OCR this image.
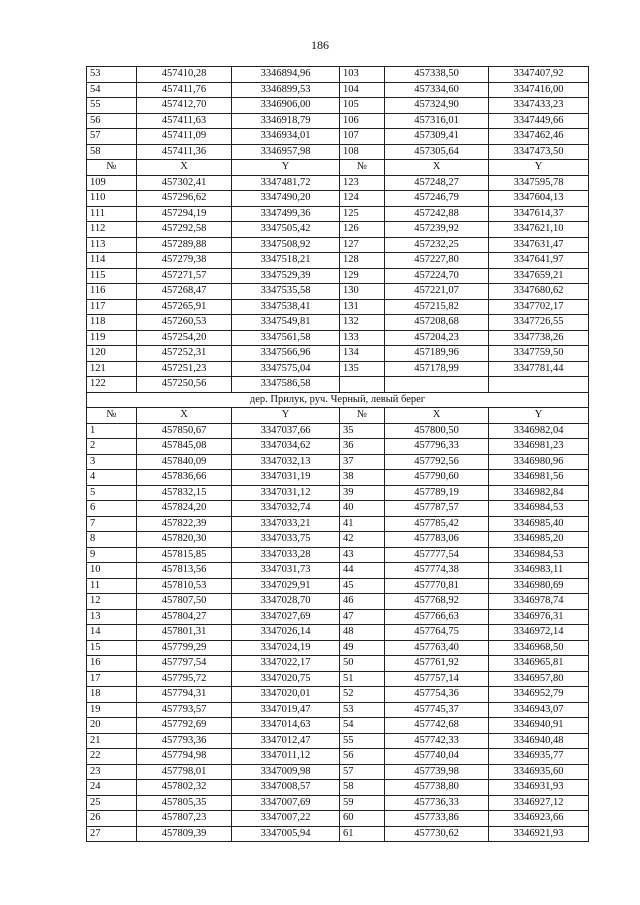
186
53	457410,28	3346894,96	103	457338,50	3347407,92
54	457411,76	3346899,53	104	457334,60	3347416,00
55	457412,70	3346906,00	105	457324,90	3347433,23
56	457411,63	3346918,79	106	457316,01	3347449,66
57	457411,09	3346934,01	107	457309,41	3347462,46
58	457411,36	3346957,98	108	457305,64	3347473,50
№	X	Y	№	X	Y
109	457302,41	3347481,72	123	457248,27	3347595,78
110	457296,62	3347490,20	124	457246,79	3347604,13
111	457294,19	3347499,36	125	457242,88	3347614,37
112	457292,58	3347505,42	126	457239,92	3347621,10
113	457289,88	3347508,92	127	457232,25	3347631,47
114	457279,38	3347518,21	128	457227,80	3347641,97
115	457271,57	3347529,39	129	457224,70	3347659,21
116	457268,47	3347535,58	130	457221,07	3347680,62
117	457265,91	3347538,41	131	457215,82	3347702,17
118	457260,53	3347549,81	132	457208,68	3347726,55
119	457254,20	3347561,58	133	457204,23	3347738,26
120	457252,31	3347566,96	134	457189,96	3347759,50
121	457251,23	3347575,04	135	457178,99	3347781,44
122	457250,56	3347586,58			
дер. Прилук, руч. Черный, левый берег					
№	X	Y	№	X	Y
1	457850,67	3347037,66	35	457800,50	3346982,04
2	457845,08	3347034,62	36	457796,33	3346981,23
3	457840,09	3347032,13	37	457792,56	3346980,96
4	457836,66	3347031,19	38	457790,60	3346981,56
5	457832,15	3347031,12	39	457789,19	3346982,84
6	457824,20	3347032,74	40	457787,57	3346984,53
7	457822,39	3347033,21	41	457785,42	3346985,40
8	457820,30	3347033,75	42	457783,06	3346985,20
9	457815,85	3347033,28	43	457777,54	3346984,53
10	457813,56	3347031,73	44	457774,38	3346983,11
11	457810,53	3347029,91	45	457770,81	3346980,69
12	457807,50	3347028,70	46	457768,92	3346978,74
13	457804,27	3347027,69	47	457766,63	3346976,31
14	457801,31	3347026,14	48	457764,75	3346972,14
15	457799,29	3347024,19	49	457763,40	3346968,50
16	457797,54	3347022,17	50	457761,92	3346965,81
17	457795,72	3347020,75	51	457757,14	3346957,80
18	457794,31	3347020,01	52	457754,36	3346952,79
19	457793,57	3347019,47	53	457745,37	3346943,07
20	457792,69	3347014,63	54	457742,68	3346940,91
21	457793,36	3347012,47	55	457742,33	3346940,48
22	457794,98	3347011,12	56	457740,04	3346935,77
23	457798,01	3347009,98	57	457739,98	3346935,60
24	457802,32	3347008,57	58	457738,80	3346931,93
25	457805,35	3347007,69	59	457736,33	3346927,12
26	457807,23	3347007,22	60	457733,86	3346923,66
27	457809,39	3347005,94	61	457730,62	3346921,93
